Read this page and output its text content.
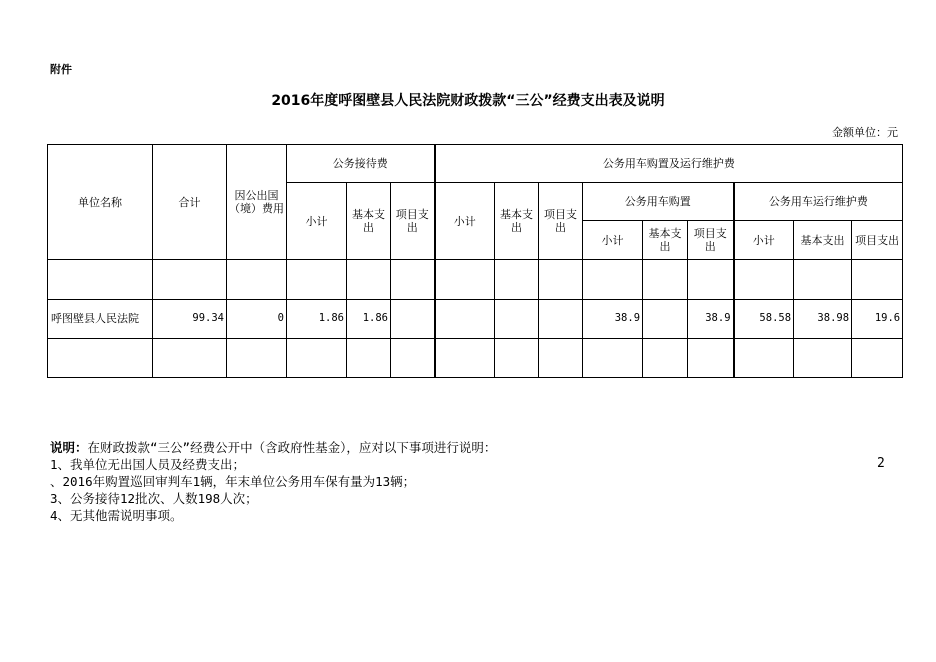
附件
2016年度呼图壁县人民法院财政拨款“三公”经费支出表及说明
金额单位：元
单位名称	合计	因公出国（境）费用	公务接待费			公务用车购置及运行维护费								
			小计	基本支出	项目支出	小计	基本支出	项目支出	公务用车购置			公务用车运行维护费		
									小计	基本支出	项目支出	小计	基本支出	项目支出

呼图壁县人民法院	99.34	0	1.86	1.86					38.9		38.9	58.58	38.98	19.6

说明：在财政拨款“三公”经费公开中（含政府性基金），应对以下事项进行说明：
1、我单位无出国人员及经费支出；
、2016年购置巡回审判车1辆，年末单位公务用车保有量为13辆；
3、公务接待12批次、人数198人次；
4、无其他需说明事项。
2
